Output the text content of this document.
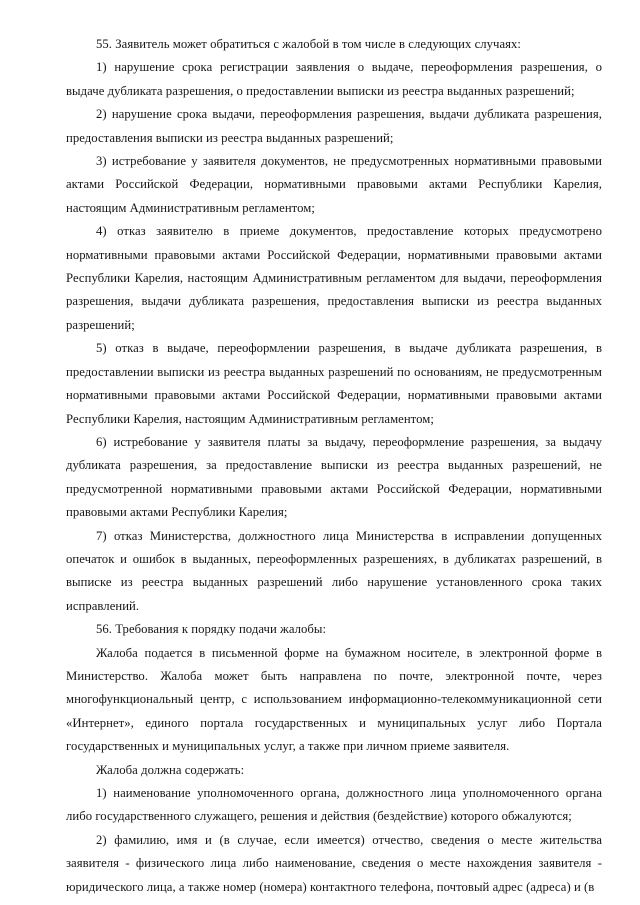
55. Заявитель может обратиться с жалобой в том числе в следующих случаях:

1) нарушение срока регистрации заявления о выдаче, переоформления разрешения, о выдаче дубликата разрешения, о предоставлении выписки из реестра выданных разрешений;

2) нарушение срока выдачи, переоформления разрешения, выдачи дубликата разрешения, предоставления выписки из реестра выданных разрешений;

3) истребование у заявителя документов, не предусмотренных нормативными правовыми актами Российской Федерации, нормативными правовыми актами Республики Карелия, настоящим Административным регламентом;

4) отказ заявителю в приеме документов, предоставление которых предусмотрено нормативными правовыми актами Российской Федерации, нормативными правовыми актами Республики Карелия, настоящим Административным регламентом для выдачи, переоформления разрешения, выдачи дубликата разрешения, предоставления выписки из реестра выданных разрешений;

5) отказ в выдаче, переоформлении разрешения, в выдаче дубликата разрешения, в предоставлении выписки из реестра выданных разрешений по основаниям, не предусмотренным нормативными правовыми актами Российской Федерации, нормативными правовыми актами Республики Карелия, настоящим Административным регламентом;

6) истребование у заявителя платы за выдачу, переоформление разрешения, за выдачу дубликата разрешения, за предоставление выписки из реестра выданных разрешений, не предусмотренной нормативными правовыми актами Российской Федерации, нормативными правовыми актами Республики Карелия;

7) отказ Министерства, должностного лица Министерства в исправлении допущенных опечаток и ошибок в выданных, переоформленных разрешениях, в дубликатах разрешений, в выписке из реестра выданных разрешений либо нарушение установленного срока таких исправлений.

56. Требования к порядку подачи жалобы:

Жалоба подается в письменной форме на бумажном носителе, в электронной форме в Министерство. Жалоба может быть направлена по почте, электронной почте, через многофункциональный центр, с использованием информационно-телекоммуникационной сети «Интернет», единого портала государственных и муниципальных услуг либо Портала государственных и муниципальных услуг, а также при личном приеме заявителя.

Жалоба должна содержать:

1) наименование уполномоченного органа, должностного лица уполномоченного органа либо государственного служащего, решения и действия (бездействие) которого обжалуются;

2) фамилию, имя и (в случае, если имеется) отчество, сведения о месте жительства заявителя - физического лица либо наименование, сведения о месте нахождения заявителя - юридического лица, а также номер (номера) контактного телефона, почтовый адрес (адреса) и (в
